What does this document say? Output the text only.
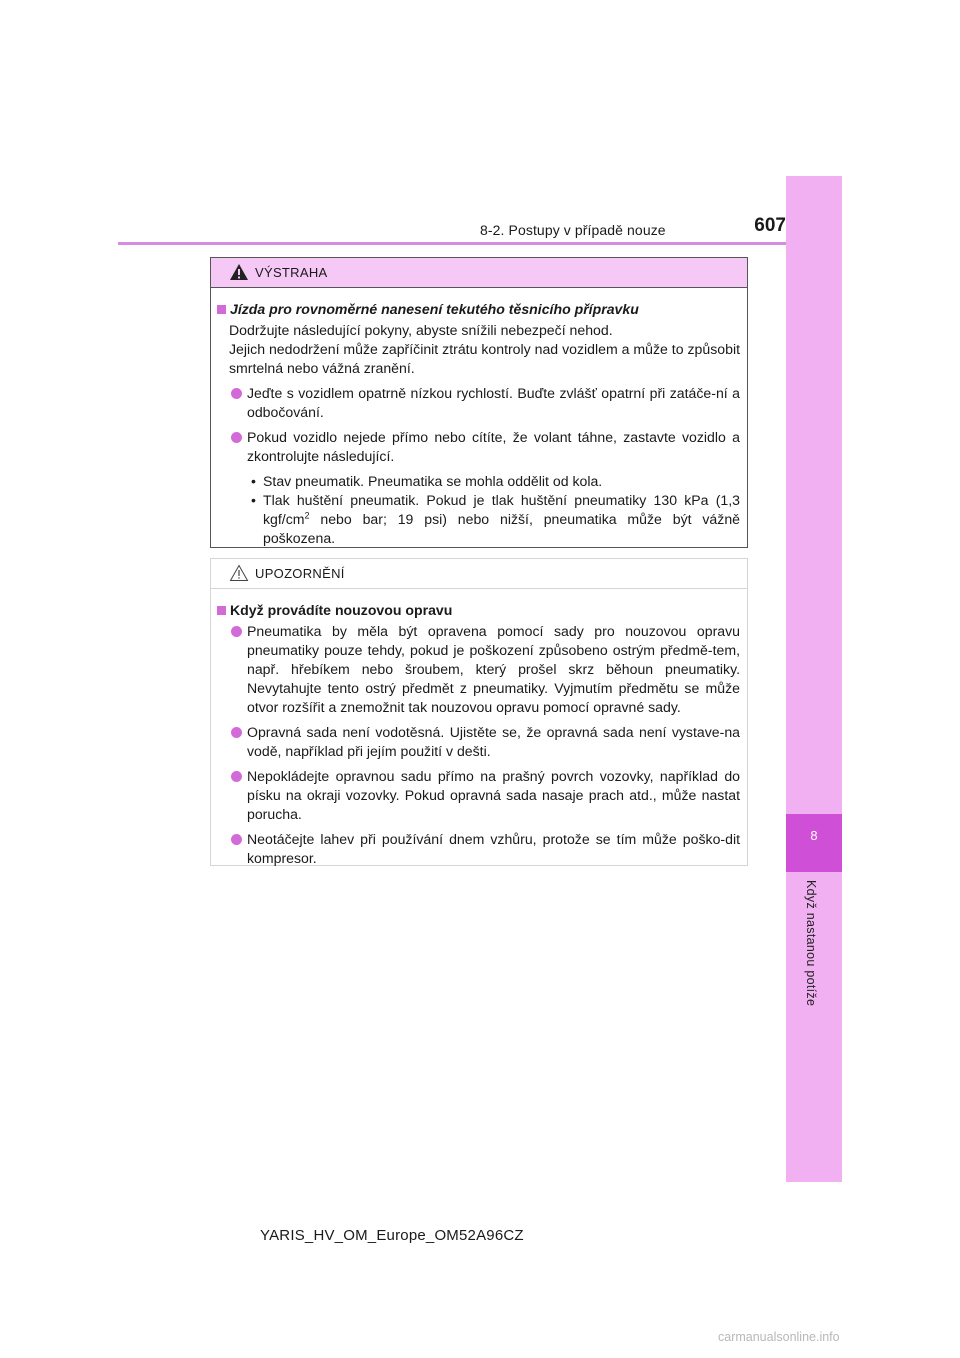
8-2. Postupy v případě nouze	607
8
Když nastanou potíže
VÝSTRAHA
Jízda pro rovnoměrné nanesení tekutého těsnicího přípravku

Dodržujte následující pokyny, abyste snížili nebezpečí nehod.

Jejich nedodržení může zapříčinit ztrátu kontroly nad vozidlem a může to způsobit smrtelná nebo vážná zranění.

Jeďte s vozidlem opatrně nízkou rychlostí. Buďte zvlášť opatrní při zatáče-ní a odbočování.
Pokud vozidlo nejede přímo nebo cítíte, že volant táhne, zastavte vozidlo a zkontrolujte následující.
• Stav pneumatik. Pneumatika se mohla oddělit od kola.
• Tlak huštění pneumatik. Pokud je tlak huštění pneumatiky 130 kPa (1,3 kgf/$cm^2$ nebo bar; 19 psi) nebo nižší, pneumatika může být vážně poškozena.
UPOZORNĚNÍ
Když provádíte nouzovou opravu
Pneumatika by měla být opravena pomocí sady pro nouzovou opravu pneumatiky pouze tehdy, pokud je poškození způsobeno ostrým předmě-tem, např. hřebíkem nebo šroubem, který prošel skrz běhoun pneumatiky. Nevytahujte tento ostrý předmět z pneumatiky. Vyjmutím předmětu se může otvor rozšířit a znemožnit tak nouzovou opravu pomocí opravné sady.
Opravná sada není vodotěsná. Ujistěte se, že opravná sada není vystave-na vodě, například při jejím použití v dešti.
Nepokládejte opravnou sadu přímo na prašný povrch vozovky, například do písku na okraji vozovky. Pokud opravná sada nasaje prach atd., může nastat porucha.
Neotáčejte lahev při používání dnem vzhůru, protože se tím může pоško-dit kompresor.
YARIS_HV_OM_Europe_OM52A96CZ
carmanualsonline.info
